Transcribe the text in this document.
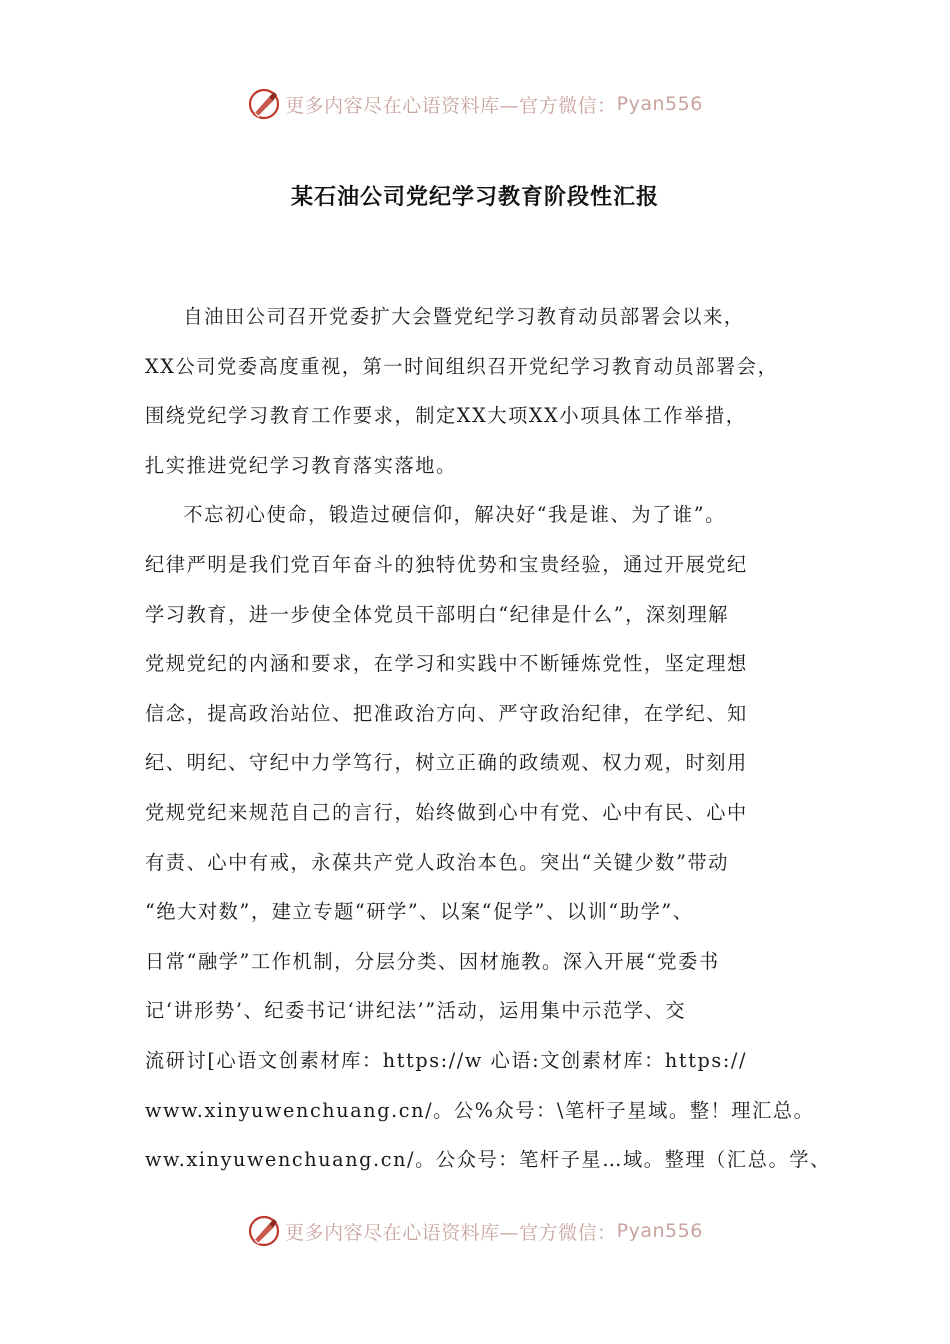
更多内容尽在心语资料库—官方微信： Pyan556
某石油公司党纪学习教育阶段性汇报
自油田公司召开党委扩大会暨党纪学习教育动员部署会以来，
XX公司党委高度重视，第一时间组织召开党纪学习教育动员部署会，
围绕党纪学习教育工作要求，制定XX大项XX小项具体工作举措，
扎实推进党纪学习教育落实落地。
不忘初心使命，锻造过硬信仰，解决好“我是谁、为了谁”。
纪律严明是我们党百年奋斗的独特优势和宝贵经验，通过开展党纪
学习教育，进一步使全体党员干部明白“纪律是什么”，深刻理解
党规党纪的内涵和要求，在学习和实践中不断锤炼党性，坚定理想
信念，提高政治站位、把准政治方向、严守政治纪律，在学纪、知
纪、明纪、守纪中力学笃行，树立正确的政绩观、权力观，时刻用
党规党纪来规范自己的言行，始终做到心中有党、心中有民、心中
有责、心中有戒，永葆共产党人政治本色。突出“关键少数”带动
“绝大对数”，建立专题“研学”、以案“促学”、以训“助学”、
日常“融学”工作机制，分层分类、因材施教。深入开展“党委书
记‘讲形势’、纪委书记‘讲纪法’”活动，运用集中示范学、交
流研讨[心语文创素材库：https://w 心语:文创素材库：https://
www.xinyuwenchuang.cn/。公%众号：\笔杆子星域。整！理汇总。
ww.xinyuwenchuang.cn/。公众号：笔杆子星…域。整理（汇总。学、
更多内容尽在心语资料库—官方微信： Pyan556
